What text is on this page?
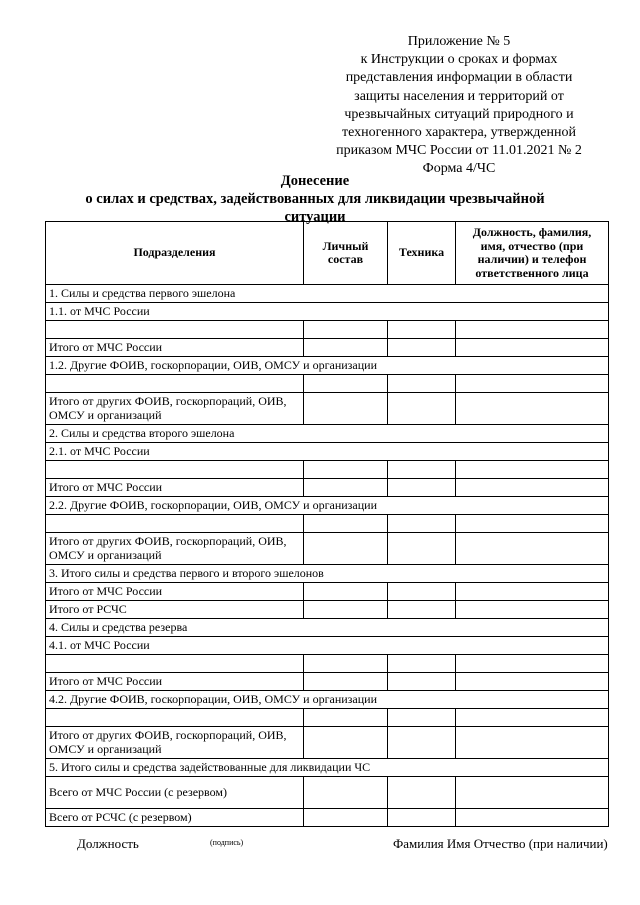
Приложение № 5
к Инструкции о сроках и формах
представления информации в области
защиты населения и территорий от
чрезвычайных ситуаций природного и
техногенного характера, утвержденной
приказом МЧС России от 11.01.2021 № 2
Форма 4/ЧС
Донесение
о силах и средствах, задействованных для ликвидации чрезвычайной
ситуации
Подразделения	Личный состав	Техника	Должность, фамилия, имя, отчество (при наличии) и телефон ответственного лица
1. Силы и средства первого эшелона			
1.1. от МЧС России			

Итого от МЧС России			
1.2. Другие ФОИВ, госкорпорации, ОИВ, ОМСУ и организации			

Итого от других ФОИВ, госкорпораций, ОИВ, ОМСУ и организаций			
2. Силы и средства второго эшелона			
2.1. от МЧС России			

Итого от МЧС России			
2.2. Другие ФОИВ, госкорпорации, ОИВ, ОМСУ и организации			

Итого от других ФОИВ, госкорпораций, ОИВ, ОМСУ и организаций			
3. Итого силы и средства первого и второго эшелонов			
Итого от МЧС России			
Итого от РСЧС			
4. Силы и средства резерва			
4.1. от МЧС России			

Итого от МЧС России			
4.2. Другие ФОИВ, госкорпорации, ОИВ, ОМСУ и организации			

Итого от других ФОИВ, госкорпораций, ОИВ, ОМСУ и организаций			
5. Итого силы и средства задействованные для ликвидации ЧС			
Всего от МЧС России (с резервом)			
Всего от РСЧС (с резервом)			
Должность	(подпись)	Фамилия Имя Отчество (при наличии)
